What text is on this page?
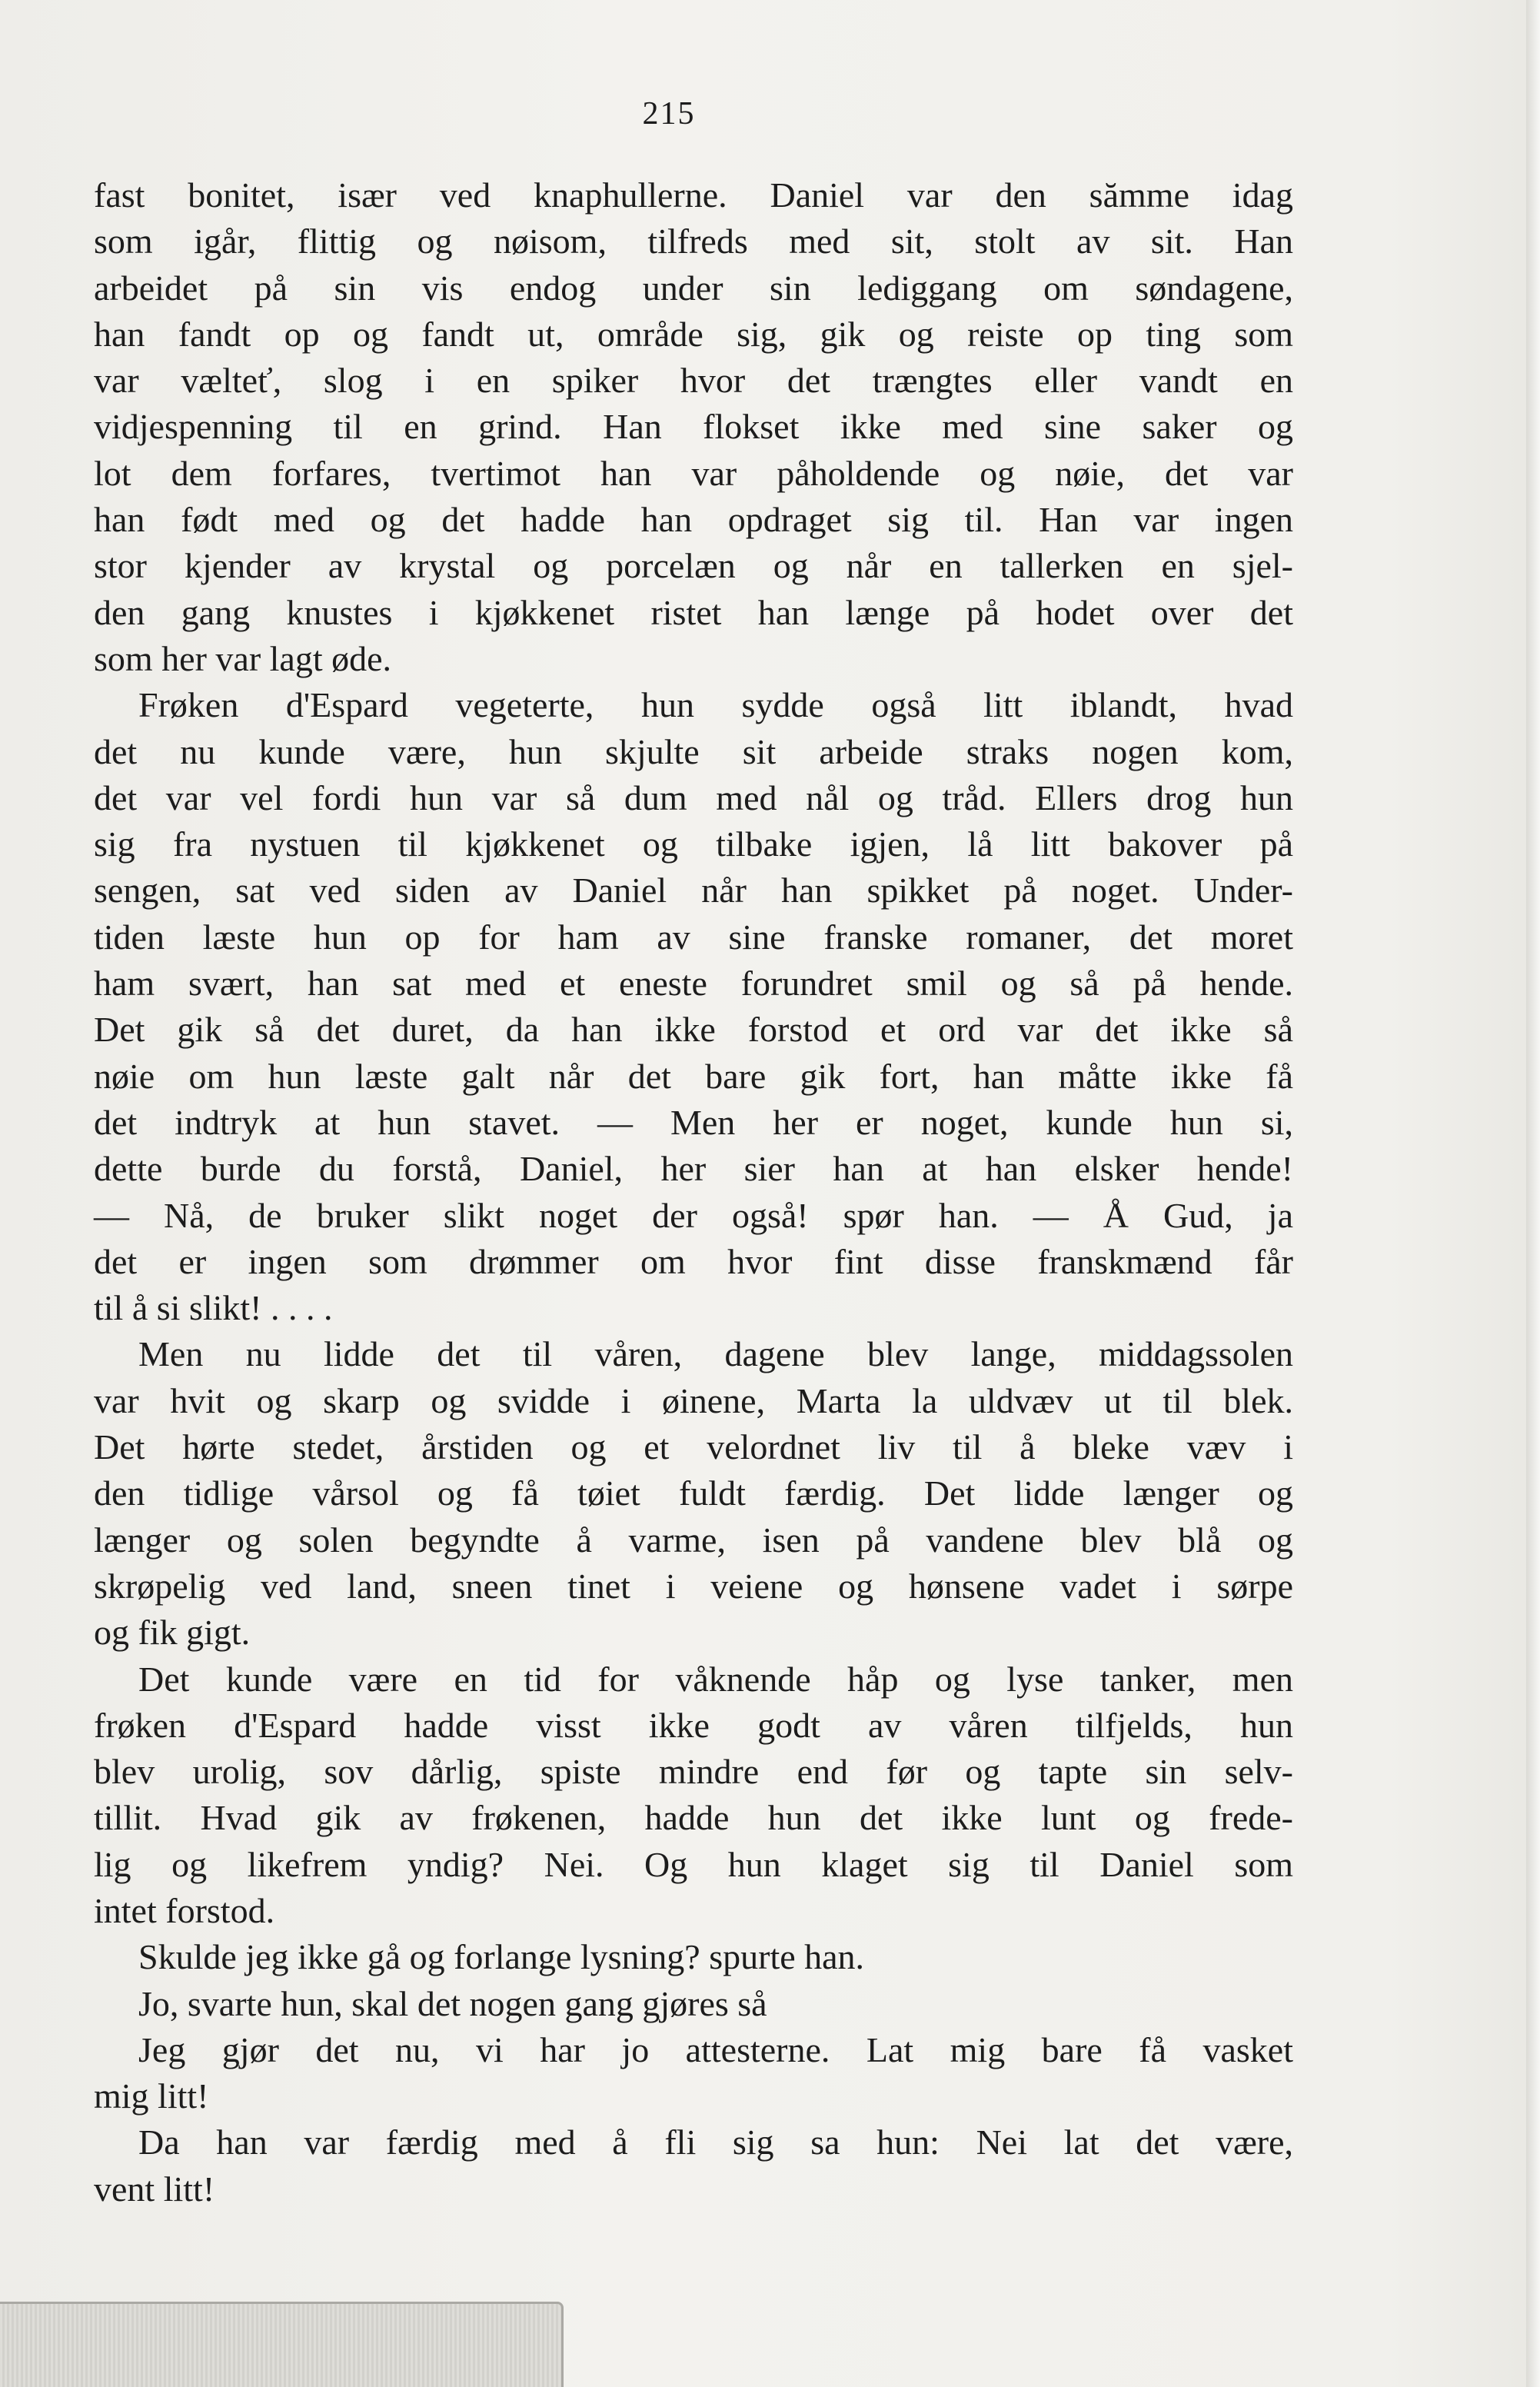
215
fast bonitet, især ved knaphullerne. Daniel var den sămme idag
som igår, flittig og nøisom, tilfreds med sit, stolt av sit. Han
arbeidet på sin vis endog under sin lediggang om søndagene,
han fandt op og fandt ut, område sig, gik og reiste op ting som
var vælteť, slog i en spiker hvor det trængtes eller vandt en
vidjespenning til en grind. Han flokset ikke med sine saker og
lot dem forfares, tvertimot han var påholdende og nøie, det var
han født med og det hadde han opdraget sig til. Han var ingen
stor kjender av krystal og porcelæn og når en tallerken en sjel-
den gang knustes i kjøkkenet ristet han længe på hodet over det
som her var lagt øde.
Frøken d'Espard vegeterte, hun sydde også litt iblandt, hvad
det nu kunde være, hun skjulte sit arbeide straks nogen kom,
det var vel fordi hun var så dum med nål og tråd. Ellers drog hun
sig fra nystuen til kjøkkenet og tilbake igjen, lå litt bakover på
sengen, sat ved siden av Daniel når han spikket på noget. Under-
tiden læste hun op for ham av sine franske romaner, det moret
ham svært, han sat med et eneste forundret smil og så på hende.
Det gik så det duret, da han ikke forstod et ord var det ikke så
nøie om hun læste galt når det bare gik fort, han måtte ikke få
det indtryk at hun stavet. — Men her er noget, kunde hun si,
dette burde du forstå, Daniel, her sier han at han elsker hende!
— Nå, de bruker slikt noget der også! spør han. — Å Gud, ja
det er ingen som drømmer om hvor fint disse franskmænd får
til å si slikt! . . . .
Men nu lidde det til våren, dagene blev lange, middagssolen
var hvit og skarp og svidde i øinene, Marta la uldvæv ut til blek.
Det hørte stedet, årstiden og et velordnet liv til å bleke væv i
den tidlige vårsol og få tøiet fuldt færdig. Det lidde længer og
længer og solen begyndte å varme, isen på vandene blev blå og
skrøpelig ved land, sneen tinet i veiene og hønsene vadet i sørpe
og fik gigt.
Det kunde være en tid for våknende håp og lyse tanker, men
frøken d'Espard hadde visst ikke godt av våren tilfjelds, hun
blev urolig, sov dårlig, spiste mindre end før og tapte sin selv-
tillit. Hvad gik av frøkenen, hadde hun det ikke lunt og frede-
lig og likefrem yndig? Nei. Og hun klaget sig til Daniel som
intet forstod.
Skulde jeg ikke gå og forlange lysning? spurte han.
Jo, svarte hun, skal det nogen gang gjøres så
Jeg gjør det nu, vi har jo attesterne. Lat mig bare få vasket
mig litt!
Da han var færdig med å fli sig sa hun: Nei lat det være,
vent litt!
